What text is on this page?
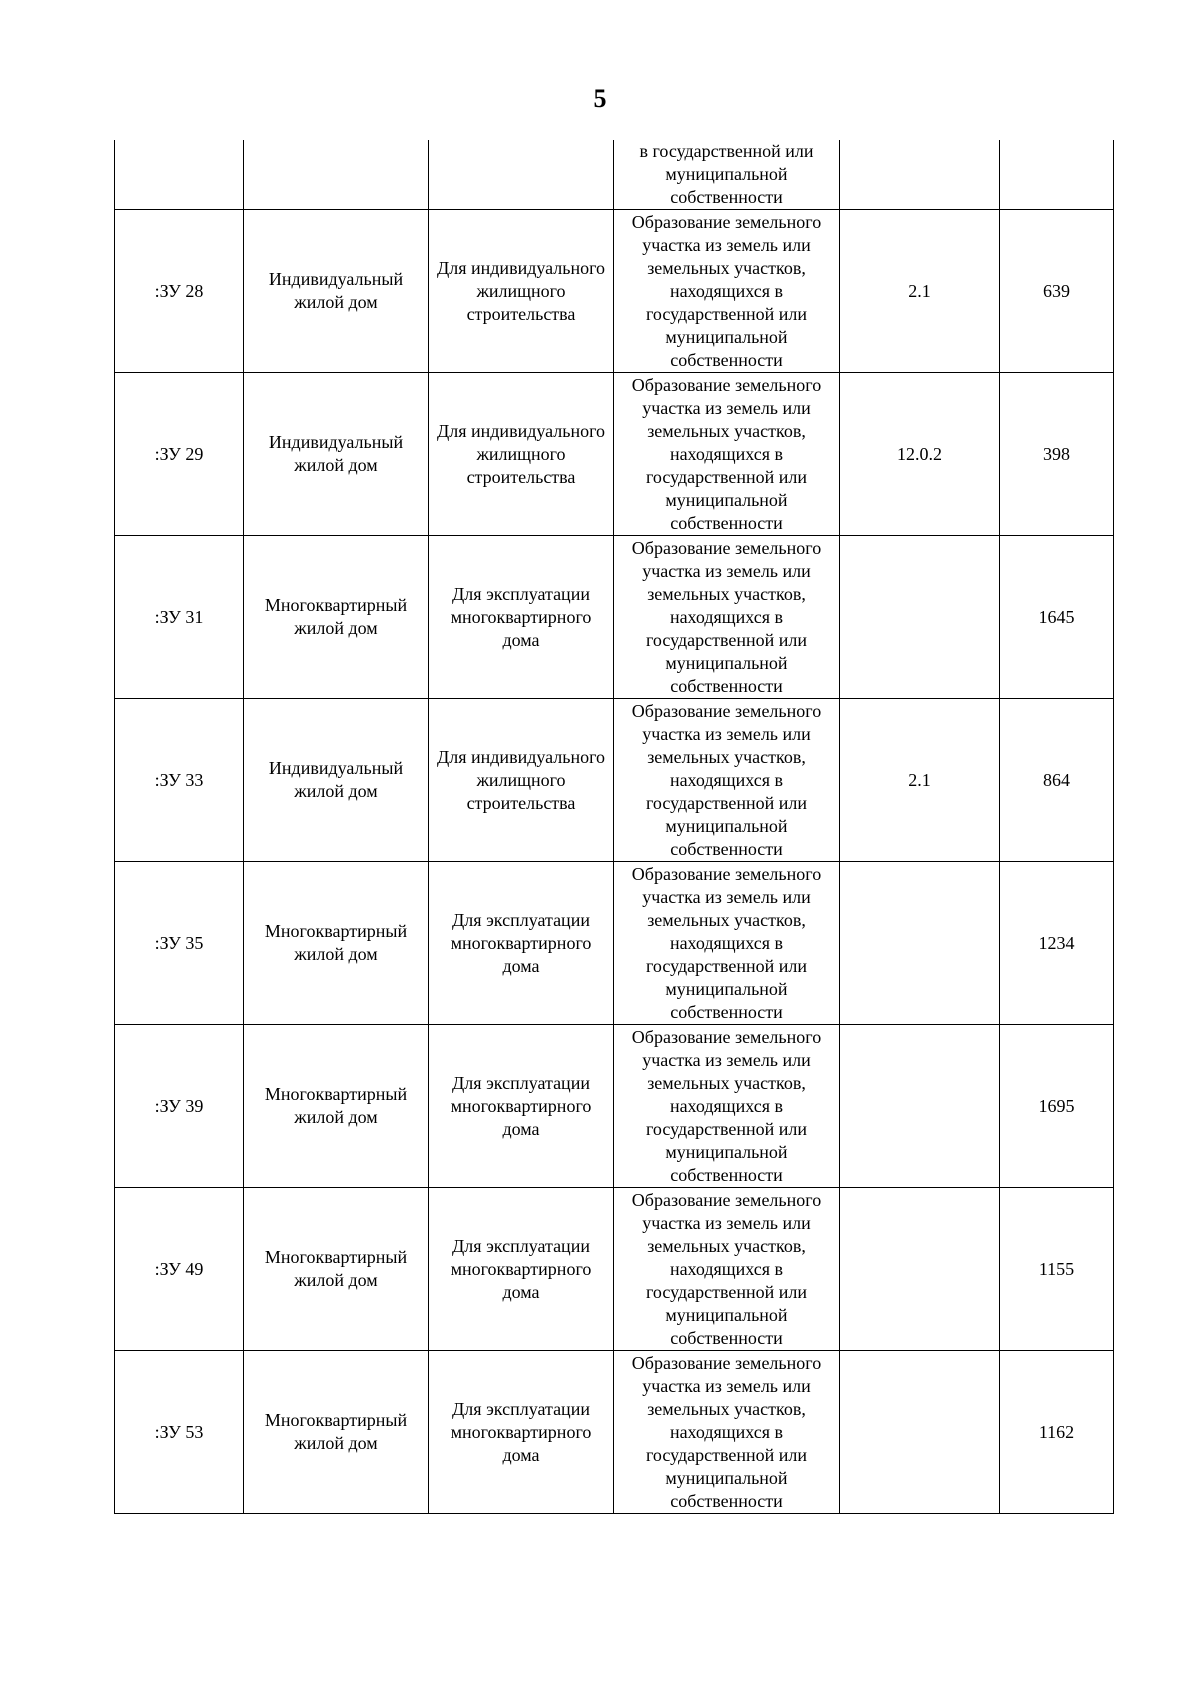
5

			в государственной или муниципальной собственности		

:ЗУ 28	Индивидуальный жилой дом	Для индивидуального жилищного строительства	Образование земельного участка из земель или земельных участков, находящихся в государственной или муниципальной собственности	2.1	639
:ЗУ 29	Индивидуальный жилой дом	Для индивидуального жилищного строительства	Образование земельного участка из земель или земельных участков, находящихся в государственной или муниципальной собственности	12.0.2	398
:ЗУ 31	Многоквартирный жилой дом	Для эксплуатации многоквартирного дома	Образование земельного участка из земель или земельных участков, находящихся в государственной или муниципальной собственности		1645
:ЗУ 33	Индивидуальный жилой дом	Для индивидуального жилищного строительства	Образование земельного участка из земель или земельных участков, находящихся в государственной или муниципальной собственности	2.1	864
:ЗУ 35	Многоквартирный жилой дом	Для эксплуатации многоквартирного дома	Образование земельного участка из земель или земельных участков, находящихся в государственной или муниципальной собственности		1234
:ЗУ 39	Многоквартирный жилой дом	Для эксплуатации многоквартирного дома	Образование земельного участка из земель или земельных участков, находящихся в государственной или муниципальной собственности		1695
:ЗУ 49	Многоквартирный жилой дом	Для эксплуатации многоквартирного дома	Образование земельного участка из земель или земельных участков, находящихся в государственной или муниципальной собственности		1155
:ЗУ 53	Многоквартирный жилой дом	Для эксплуатации многоквартирного дома	Образование земельного участка из земель или земельных участков, находящихся в государственной или муниципальной собственности		1162
